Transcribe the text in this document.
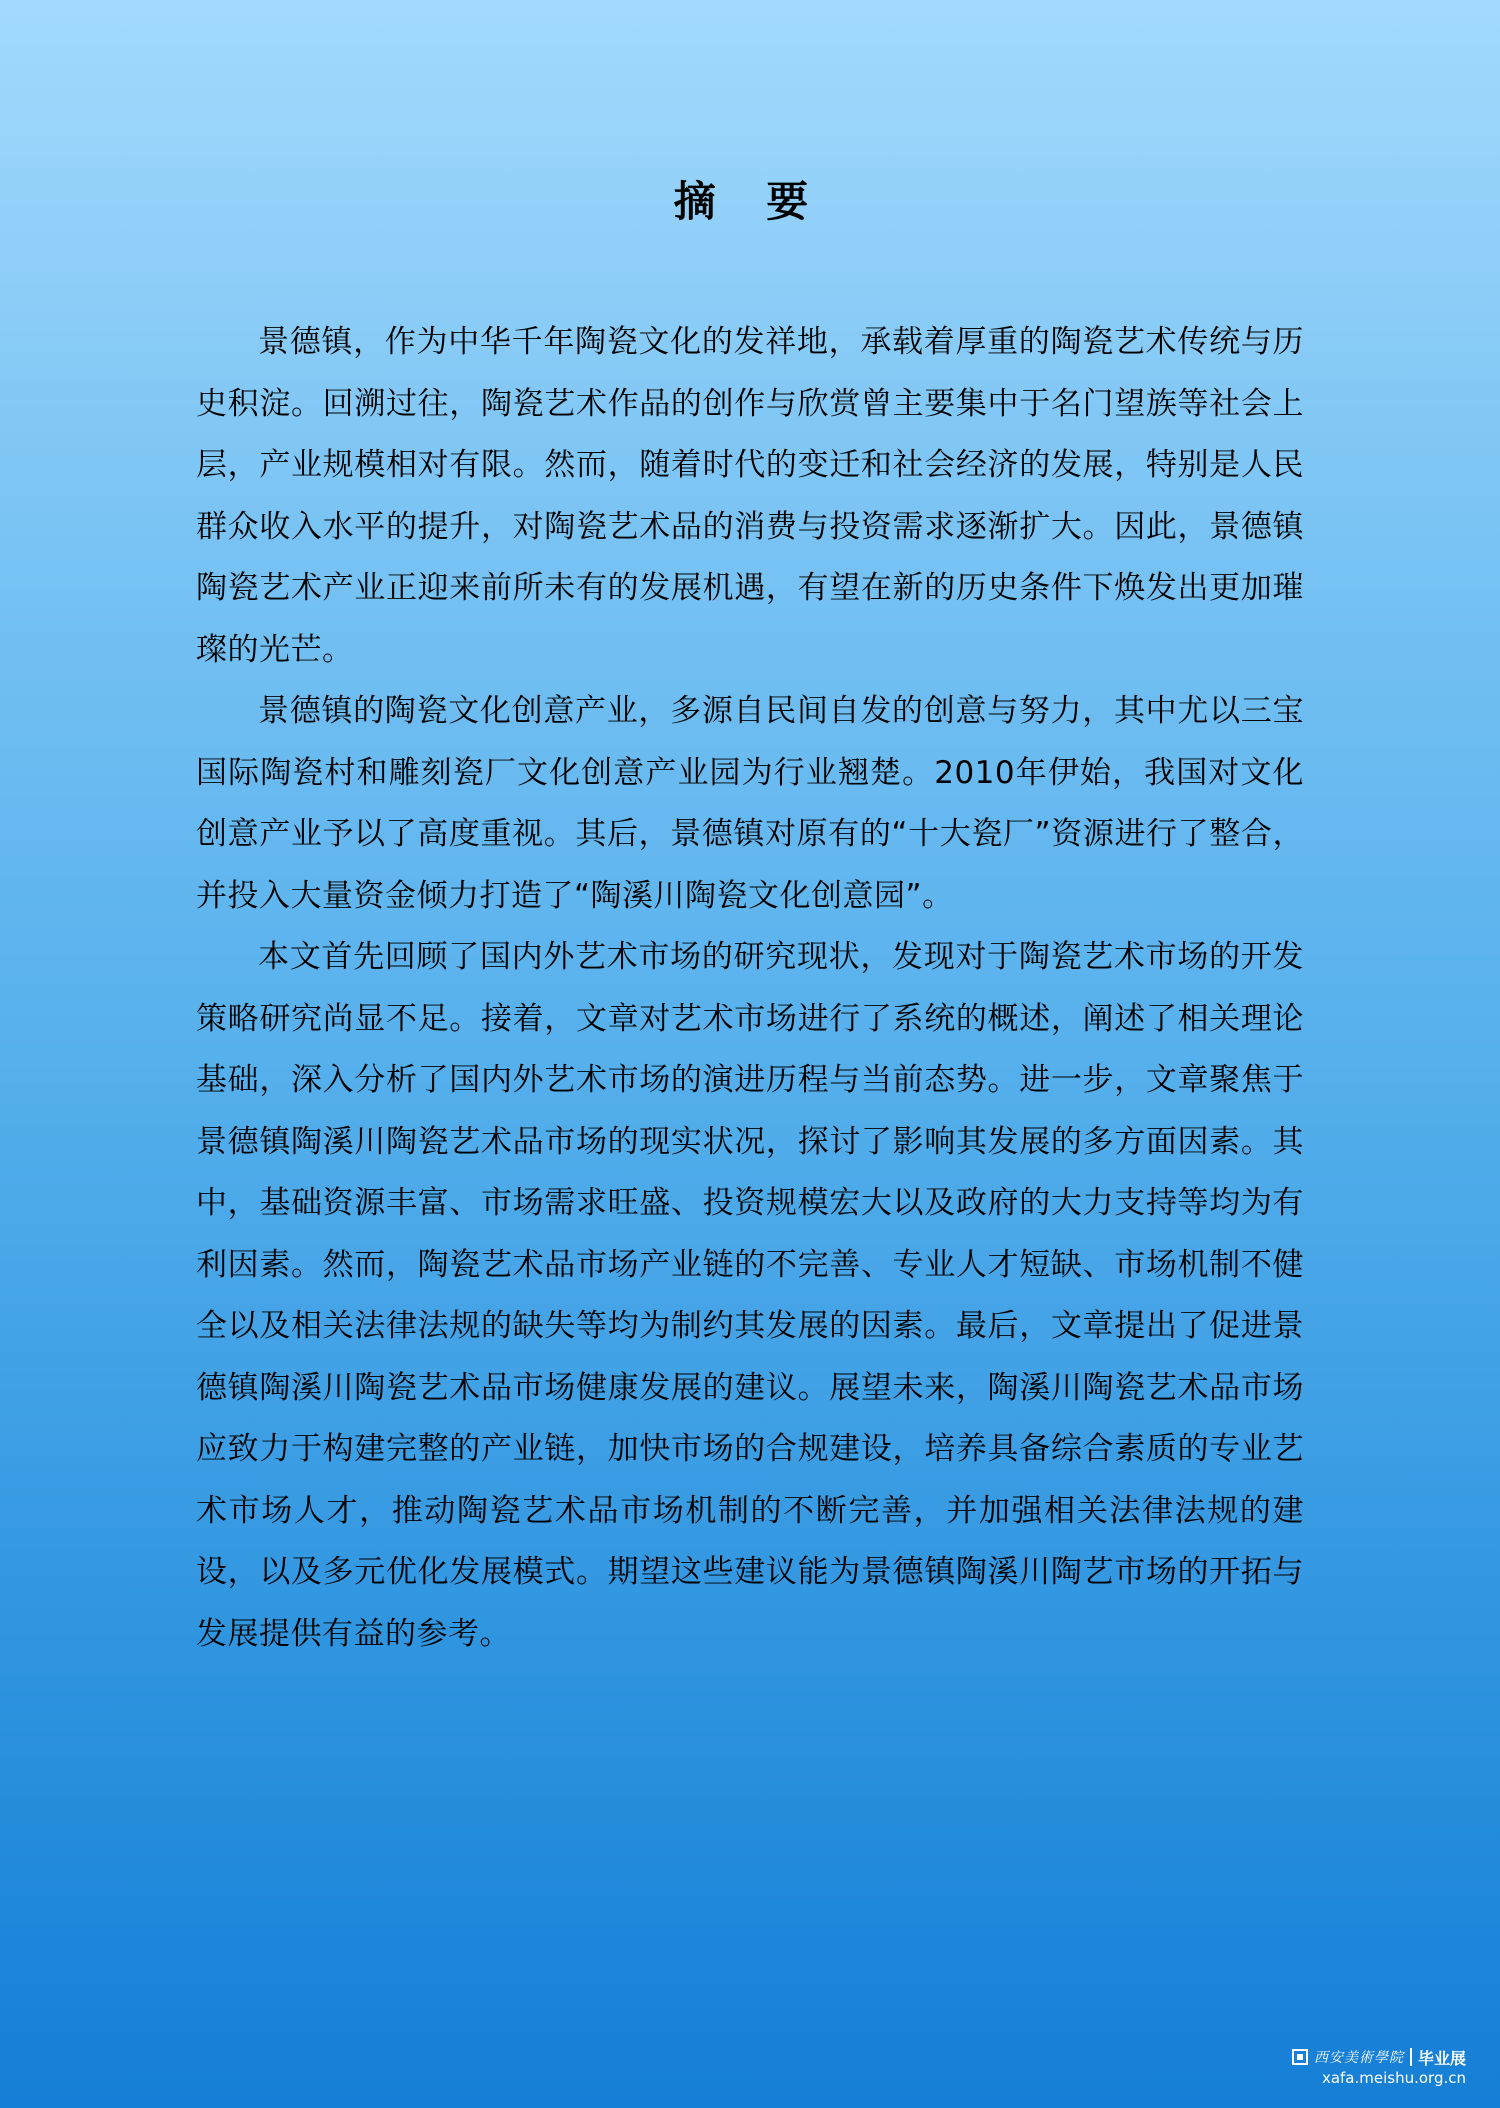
摘 要

景德镇，作为中华千年陶瓷文化的发祥地，承载着厚重的陶瓷艺术传统与历史积淀。回溯过往，陶瓷艺术作品的创作与欣赏曾主要集中于名门望族等社会上层，产业规模相对有限。然而，随着时代的变迁和社会经济的发展，特别是人民群众收入水平的提升，对陶瓷艺术品的消费与投资需求逐渐扩大。因此，景德镇陶瓷艺术产业正迎来前所未有的发展机遇，有望在新的历史条件下焕发出更加璀璨的光芒。

景德镇的陶瓷文化创意产业，多源自民间自发的创意与努力，其中尤以三宝国际陶瓷村和雕刻瓷厂文化创意产业园为行业翘楚。2010年伊始，我国对文化创意产业予以了高度重视。其后，景德镇对原有的“十大瓷厂”资源进行了整合，并投入大量资金倾力打造了“陶溪川陶瓷文化创意园”。

本文首先回顾了国内外艺术市场的研究现状，发现对于陶瓷艺术市场的开发策略研究尚显不足。接着，文章对艺术市场进行了系统的概述，阐述了相关理论基础，深入分析了国内外艺术市场的演进历程与当前态势。进一步，文章聚焦于景德镇陶溪川陶瓷艺术品市场的现实状况，探讨了影响其发展的多方面因素。其中，基础资源丰富、市场需求旺盛、投资规模宏大以及政府的大力支持等均为有利因素。然而，陶瓷艺术品市场产业链的不完善、专业人才短缺、市场机制不健全以及相关法律法规的缺失等均为制约其发展的因素。最后，文章提出了促进景德镇陶溪川陶瓷艺术品市场健康发展的建议。展望未来，陶溪川陶瓷艺术品市场应致力于构建完整的产业链，加快市场的合规建设，培养具备综合素质的专业艺术市场人才，推动陶瓷艺术品市场机制的不断完善，并加强相关法律法规的建设，以及多元优化发展模式。期望这些建议能为景德镇陶溪川陶艺市场的开拓与发展提供有益的参考。

西安美術學院 毕业展
xafa.meishu.org.cn
